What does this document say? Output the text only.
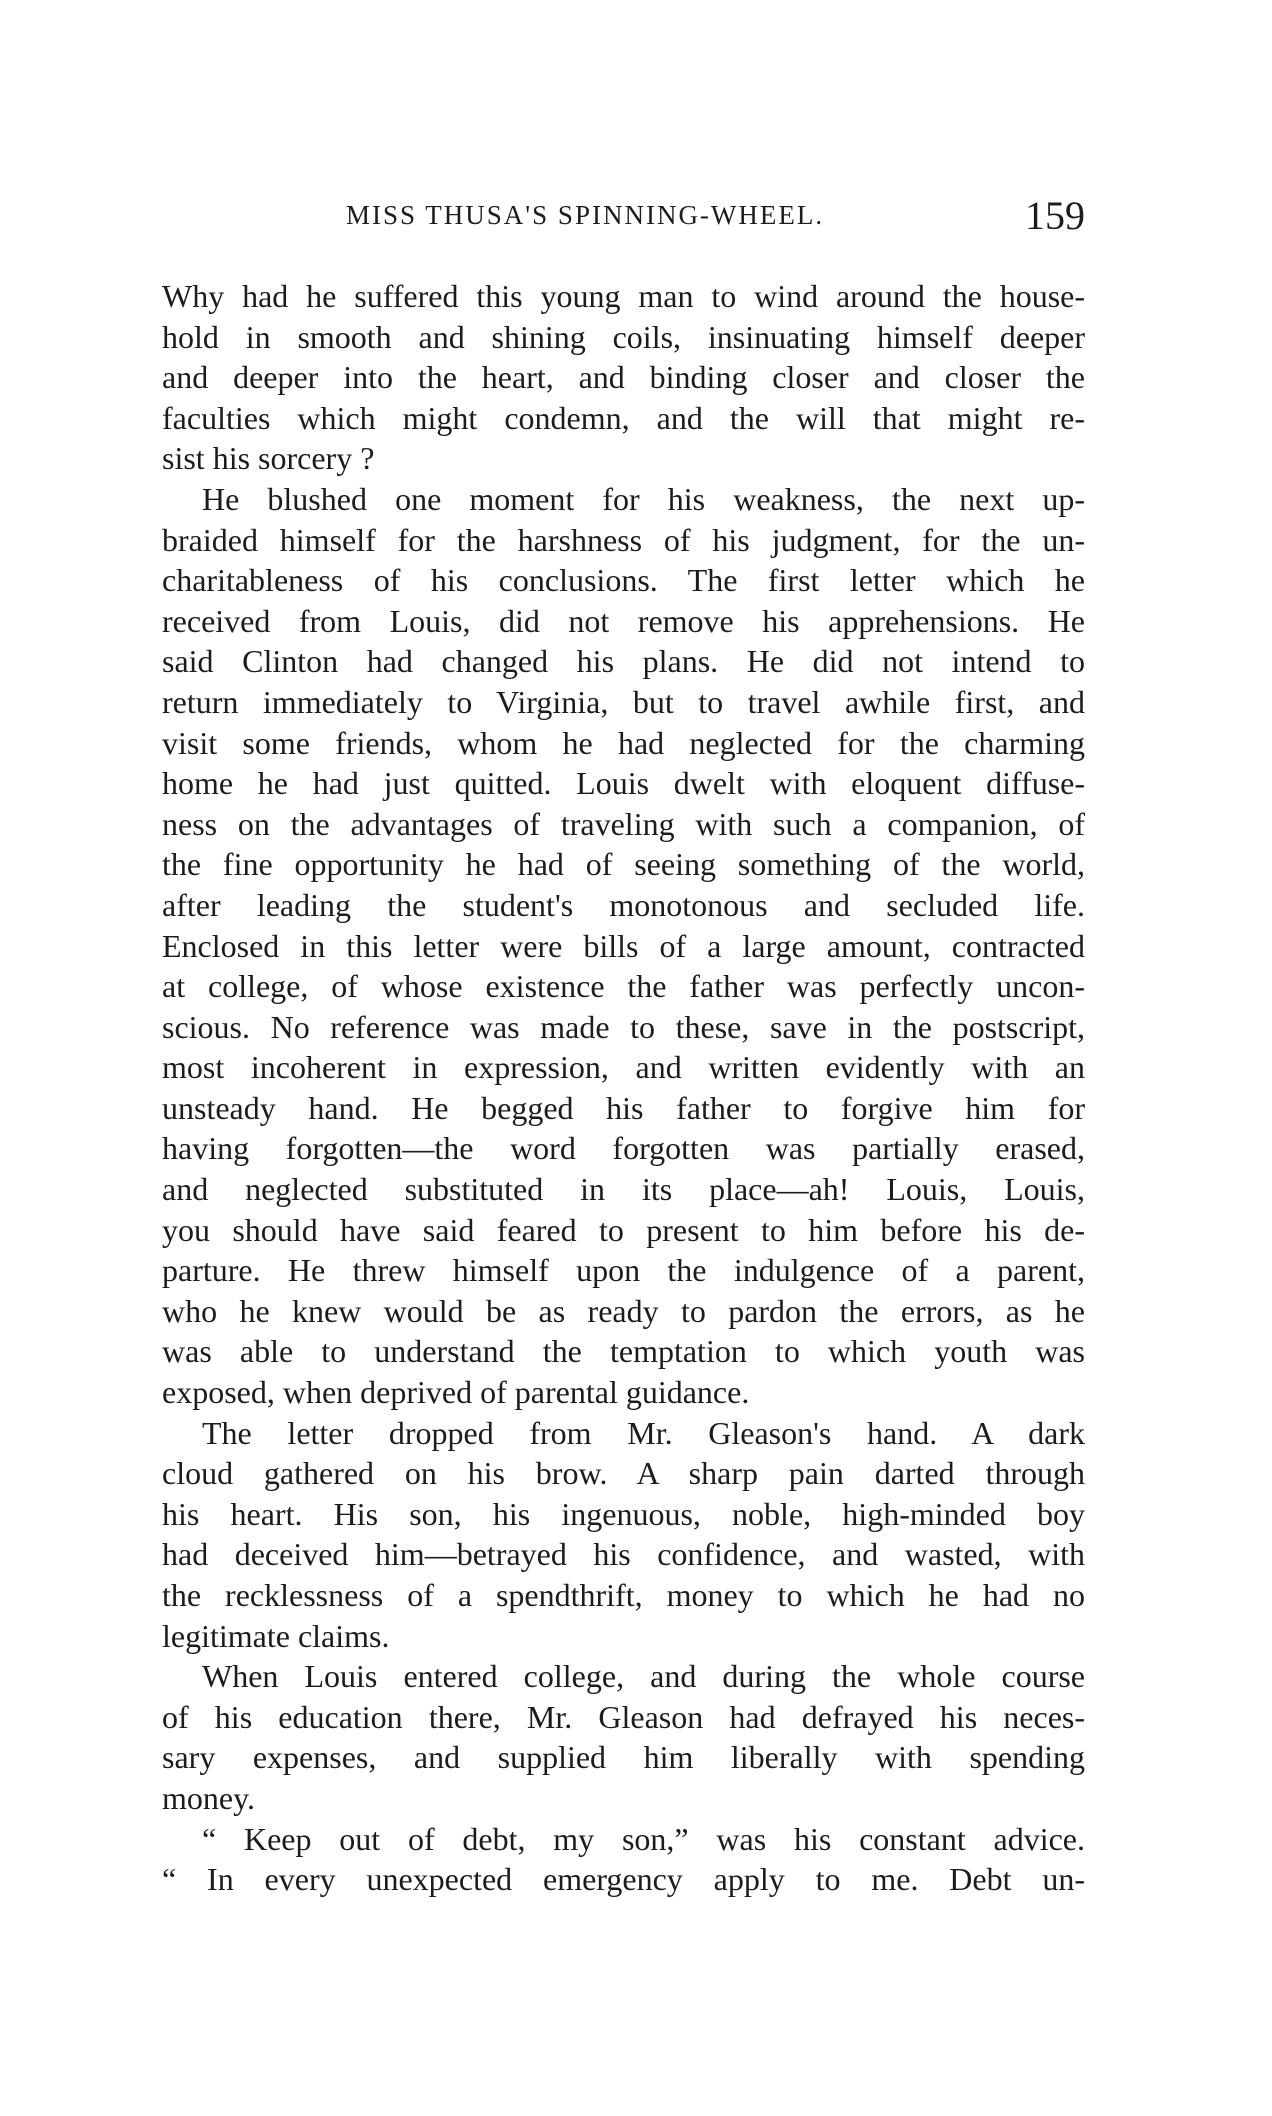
MISS THUSA'S SPINNING-WHEEL.	159
Why had he suffered this young man to wind around the house-
hold in smooth and shining coils, insinuating himself deeper
and deeper into the heart, and binding closer and closer the
faculties which might condemn, and the will that might re-
sist his sorcery ?
He blushed one moment for his weakness, the next up-
braided himself for the harshness of his judgment, for the un-
charitableness of his conclusions. The first letter which he
received from Louis, did not remove his apprehensions. He
said Clinton had changed his plans. He did not intend to
return immediately to Virginia, but to travel awhile first, and
visit some friends, whom he had neglected for the charming
home he had just quitted. Louis dwelt with eloquent diffuse-
ness on the advantages of traveling with such a companion, of
the fine opportunity he had of seeing something of the world,
after leading the student's monotonous and secluded life.
Enclosed in this letter were bills of a large amount, contracted
at college, of whose existence the father was perfectly uncon-
scious. No reference was made to these, save in the postscript,
most incoherent in expression, and written evidently with an
unsteady hand. He begged his father to forgive him for
having forgotten—the word forgotten was partially erased,
and neglected substituted in its place—ah! Louis, Louis,
you should have said feared to present to him before his de-
parture. He threw himself upon the indulgence of a parent,
who he knew would be as ready to pardon the errors, as he
was able to understand the temptation to which youth was
exposed, when deprived of parental guidance.
The letter dropped from Mr. Gleason's hand. A dark
cloud gathered on his brow. A sharp pain darted through
his heart. His son, his ingenuous, noble, high-minded boy
had deceived him—betrayed his confidence, and wasted, with
the recklessness of a spendthrift, money to which he had no
legitimate claims.
When Louis entered college, and during the whole course
of his education there, Mr. Gleason had defrayed his neces-
sary expenses, and supplied him liberally with spending
money.
“ Keep out of debt, my son,” was his constant advice.
“ In every unexpected emergency apply to me. Debt un-
